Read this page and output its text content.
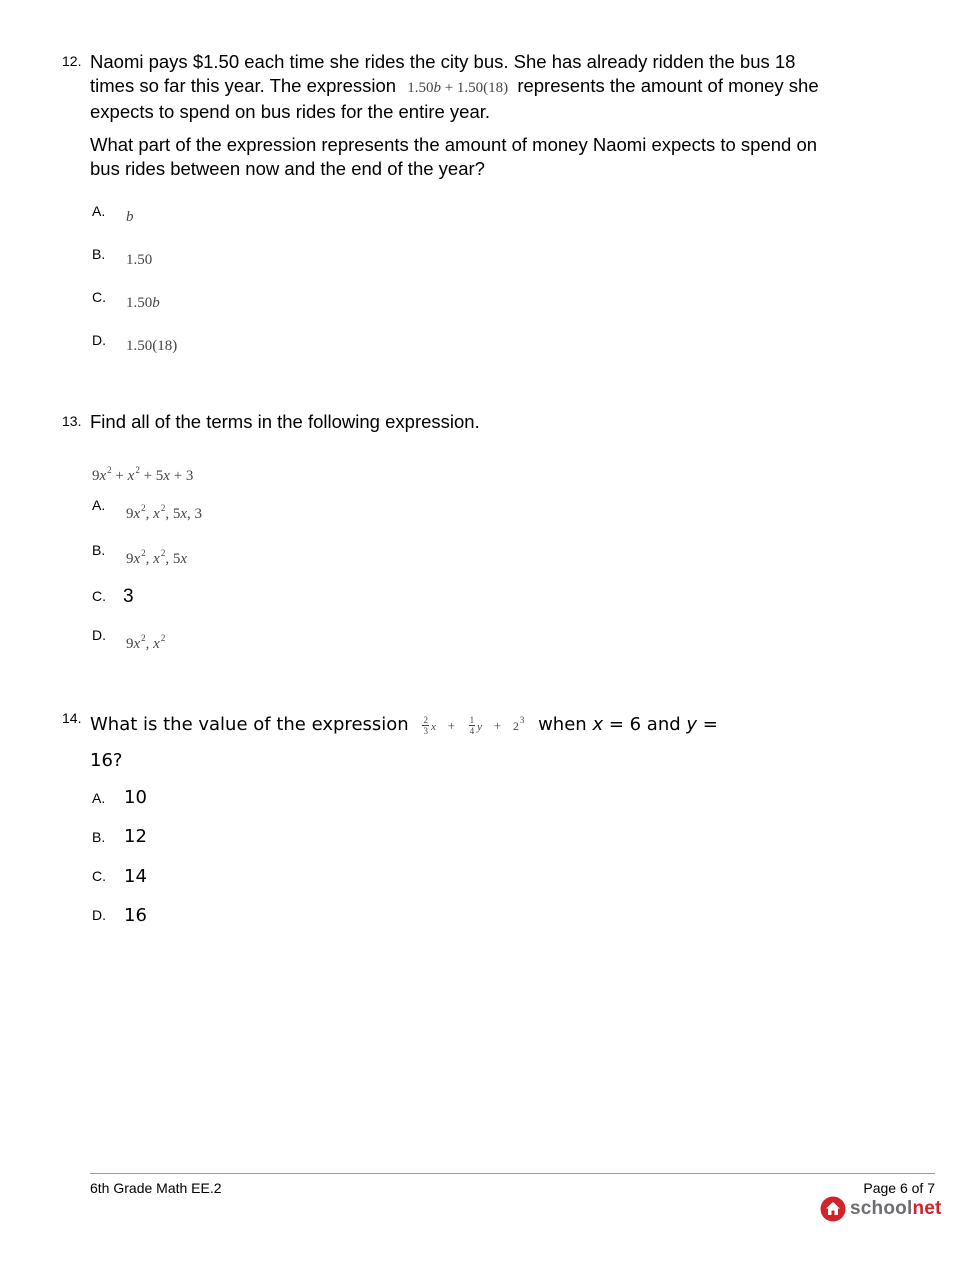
12. Naomi pays $1.50 each time she rides the city bus. She has already ridden the bus 18
times so far this year. The expression 1.50b + 1.50(18) represents the amount of money she
expects to spend on bus rides for the entire year.
What part of the expression represents the amount of money Naomi expects to spend on
bus rides between now and the end of the year?
A. b
B. 1.50
C. 1.50b
D. 1.50(18)
13. Find all of the terms in the following expression.
$9x^2 + x^2 + 5x + 3$
A.
$9x^2$, $x^2$, 5x, 3
B.
$9x^2$, $x^2$, 5x
C. 3
D.
$9x^2$, $x^2$
14. What is the value of the expression $\frac{2}{3}$ $x + \frac{1}{4}$ $y + 2^3$ when x = 6 and y =
16?
A. 10
B. 12
C. 14
D. 16
6th Grade Math EE.2	Page 6 of 7
schoolnet
